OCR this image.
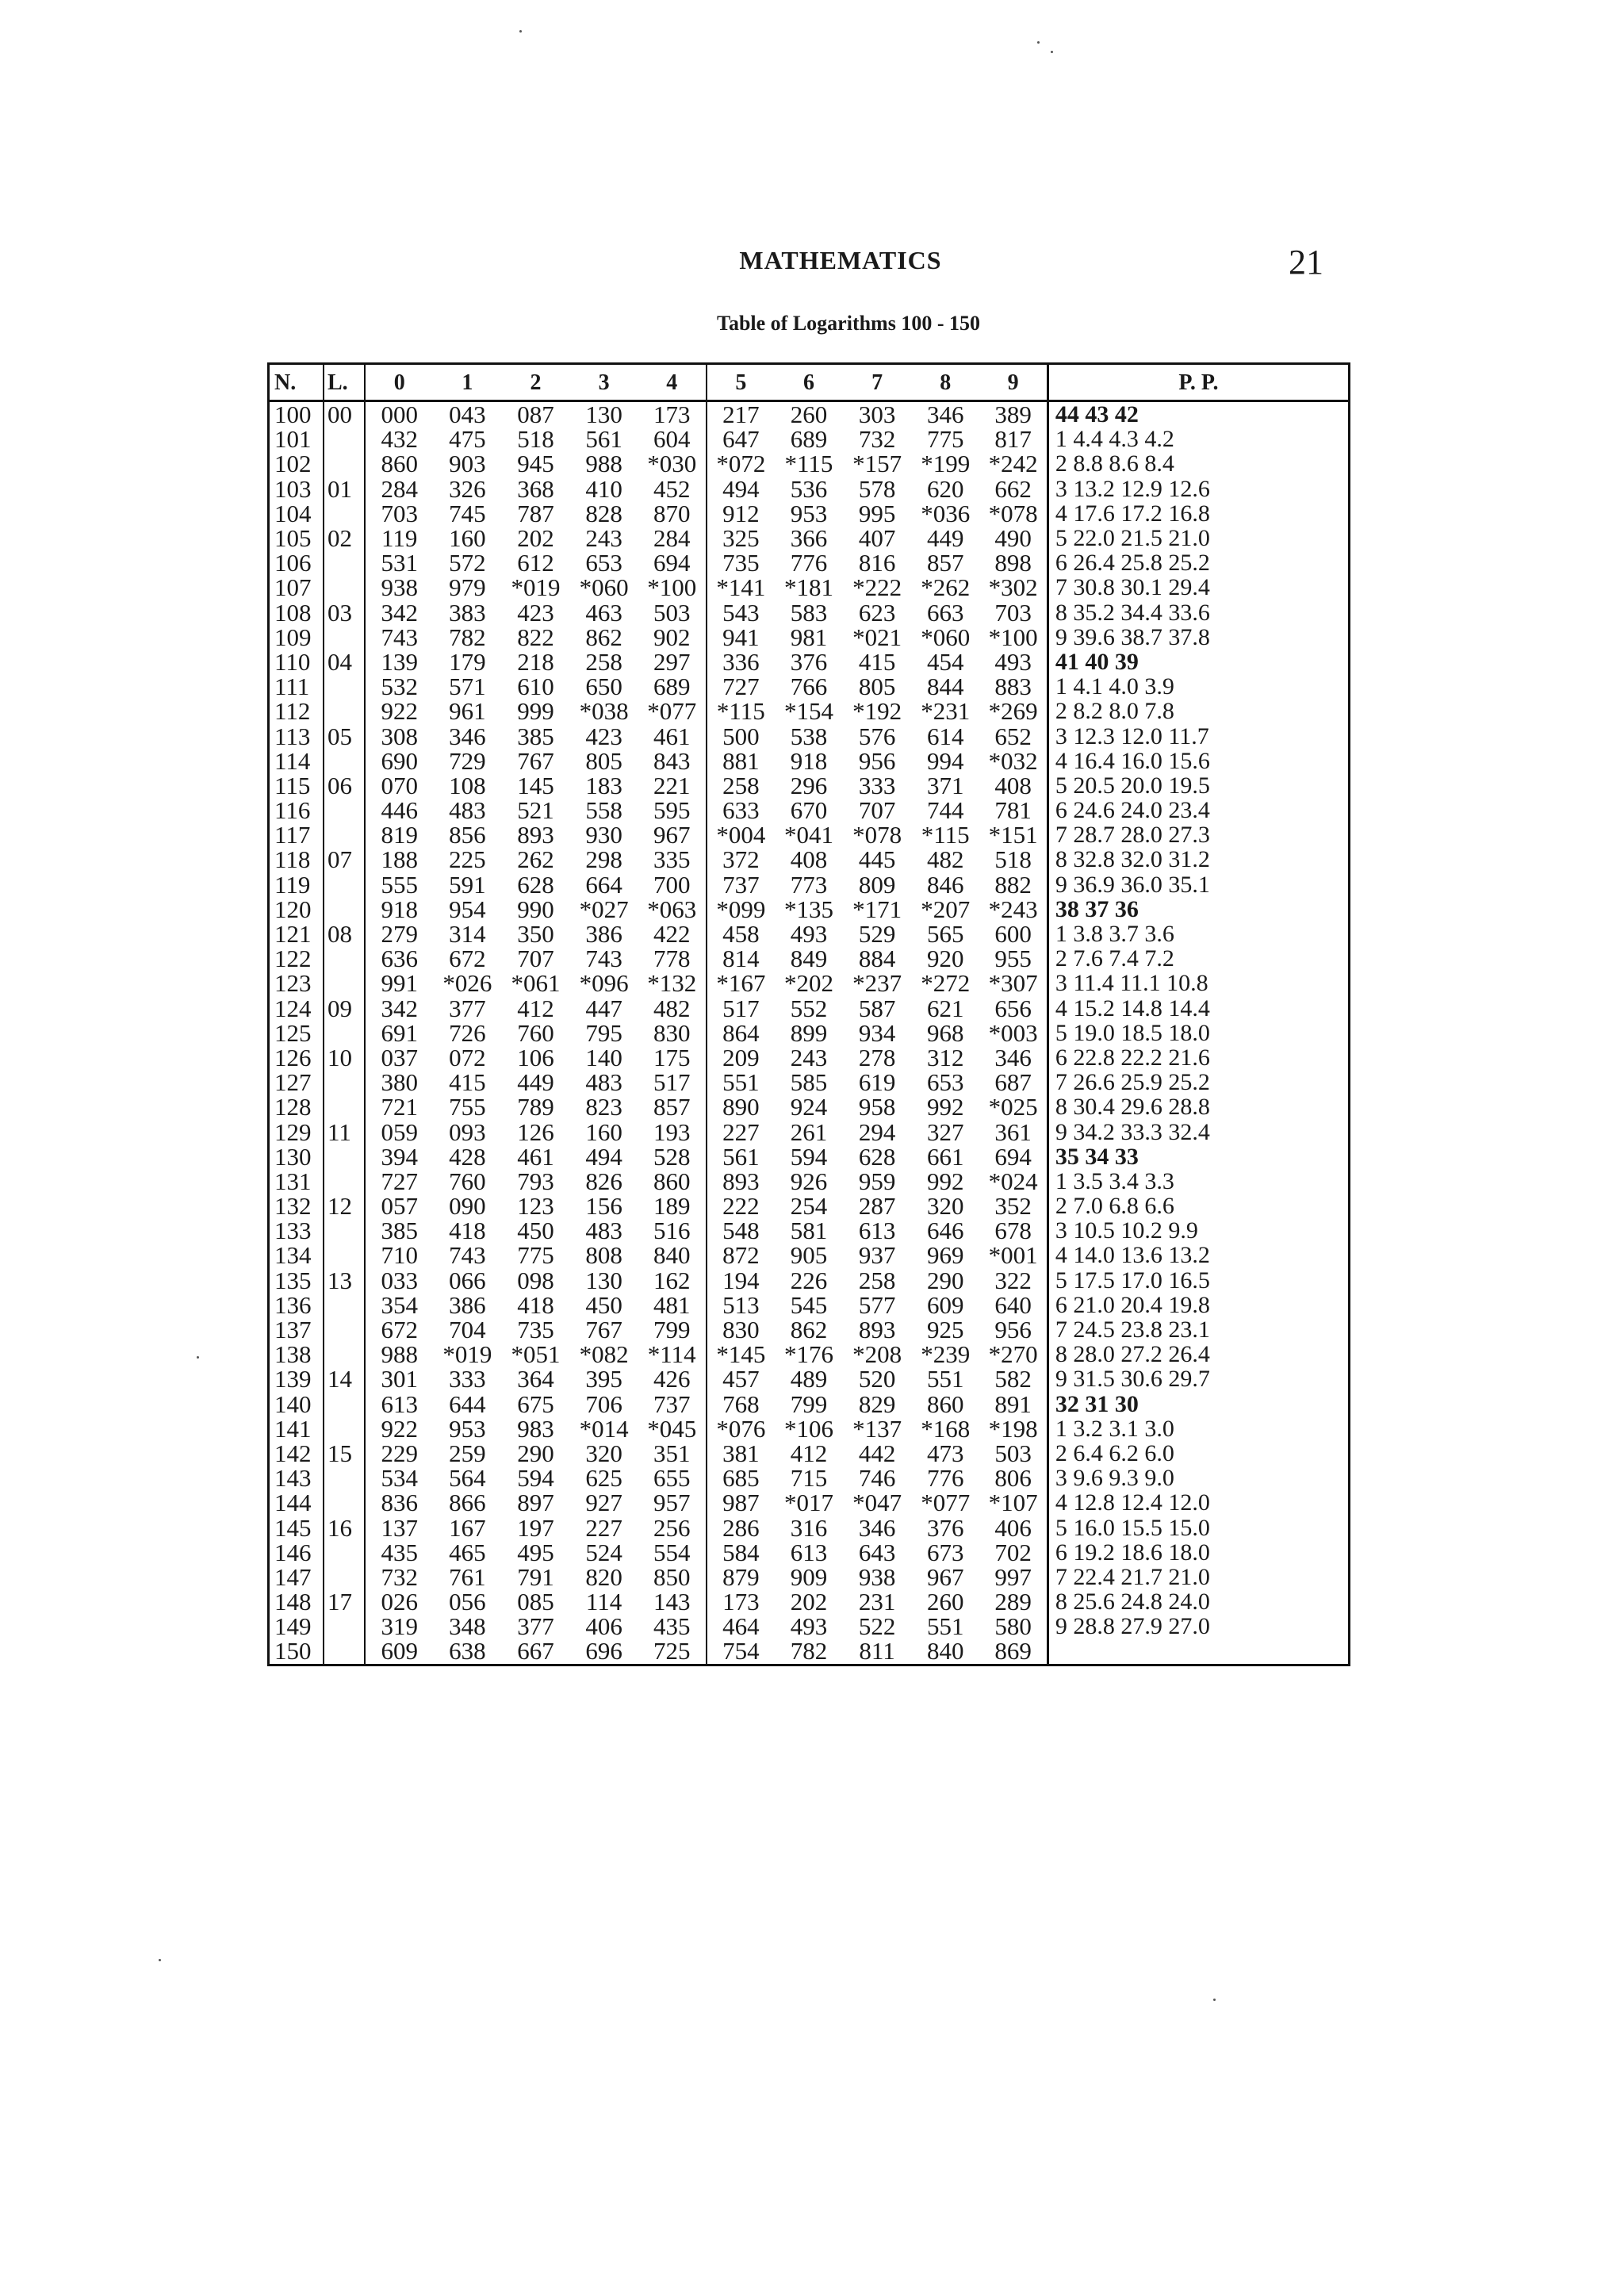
MATHEMATICS	21
Table of Logarithms 100 - 150
N.	L.	0	1	2	3	4	5	6	7	8	9	P. P.
100	00	000	043	087	130	173	217	260	303	346	389	44 43 42
101		432	475	518	561	604	647	689	732	775	817	1 4.4 4.3 4.2
102		860	903	945	988	*030	*072	*115	*157	*199	*242	2 8.8 8.6 8.4
103	01	284	326	368	410	452	494	536	578	620	662	3 13.2 12.9 12.6
104		703	745	787	828	870	912	953	995	*036	*078	4 17.6 17.2 16.8
105	02	119	160	202	243	284	325	366	407	449	490	5 22.0 21.5 21.0
106		531	572	612	653	694	735	776	816	857	898	6 26.4 25.8 25.2
107		938	979	*019	*060	*100	*141	*181	*222	*262	*302	7 30.8 30.1 29.4
108	03	342	383	423	463	503	543	583	623	663	703	8 35.2 34.4 33.6
109		743	782	822	862	902	941	981	*021	*060	*100	9 39.6 38.7 37.8
110	04	139	179	218	258	297	336	376	415	454	493	41 40 39
111		532	571	610	650	689	727	766	805	844	883	1 4.1 4.0 3.9
112		922	961	999	*038	*077	*115	*154	*192	*231	*269	2 8.2 8.0 7.8
113	05	308	346	385	423	461	500	538	576	614	652	3 12.3 12.0 11.7
114		690	729	767	805	843	881	918	956	994	*032	4 16.4 16.0 15.6
115	06	070	108	145	183	221	258	296	333	371	408	5 20.5 20.0 19.5
116		446	483	521	558	595	633	670	707	744	781	6 24.6 24.0 23.4
117		819	856	893	930	967	*004	*041	*078	*115	*151	7 28.7 28.0 27.3
118	07	188	225	262	298	335	372	408	445	482	518	8 32.8 32.0 31.2
119		555	591	628	664	700	737	773	809	846	882	9 36.9 36.0 35.1
120		918	954	990	*027	*063	*099	*135	*171	*207	*243	38 37 36
121	08	279	314	350	386	422	458	493	529	565	600	1 3.8 3.7 3.6
122		636	672	707	743	778	814	849	884	920	955	2 7.6 7.4 7.2
123		991	*026	*061	*096	*132	*167	*202	*237	*272	*307	3 11.4 11.1 10.8
124	09	342	377	412	447	482	517	552	587	621	656	4 15.2 14.8 14.4
125		691	726	760	795	830	864	899	934	968	*003	5 19.0 18.5 18.0
126	10	037	072	106	140	175	209	243	278	312	346	6 22.8 22.2 21.6
127		380	415	449	483	517	551	585	619	653	687	7 26.6 25.9 25.2
128		721	755	789	823	857	890	924	958	992	*025	8 30.4 29.6 28.8
129	11	059	093	126	160	193	227	261	294	327	361	9 34.2 33.3 32.4
130		394	428	461	494	528	561	594	628	661	694	35 34 33
131		727	760	793	826	860	893	926	959	992	*024	1 3.5 3.4 3.3
132	12	057	090	123	156	189	222	254	287	320	352	2 7.0 6.8 6.6
133		385	418	450	483	516	548	581	613	646	678	3 10.5 10.2 9.9
134		710	743	775	808	840	872	905	937	969	*001	4 14.0 13.6 13.2
135	13	033	066	098	130	162	194	226	258	290	322	5 17.5 17.0 16.5
136		354	386	418	450	481	513	545	577	609	640	6 21.0 20.4 19.8
137		672	704	735	767	799	830	862	893	925	956	7 24.5 23.8 23.1
138		988	*019	*051	*082	*114	*145	*176	*208	*239	*270	8 28.0 27.2 26.4
139	14	301	333	364	395	426	457	489	520	551	582	9 31.5 30.6 29.7
140		613	644	675	706	737	768	799	829	860	891	32 31 30
141		922	953	983	*014	*045	*076	*106	*137	*168	*198	1 3.2 3.1 3.0
142	15	229	259	290	320	351	381	412	442	473	503	2 6.4 6.2 6.0
143		534	564	594	625	655	685	715	746	776	806	3 9.6 9.3 9.0
144		836	866	897	927	957	987	*017	*047	*077	*107	4 12.8 12.4 12.0
145	16	137	167	197	227	256	286	316	346	376	406	5 16.0 15.5 15.0
146		435	465	495	524	554	584	613	643	673	702	6 19.2 18.6 18.0
147		732	761	791	820	850	879	909	938	967	997	7 22.4 21.7 21.0
148	17	026	056	085	114	143	173	202	231	260	289	8 25.6 24.8 24.0
149		319	348	377	406	435	464	493	522	551	580	9 28.8 27.9 27.0
150		609	638	667	696	725	754	782	811	840	869	
